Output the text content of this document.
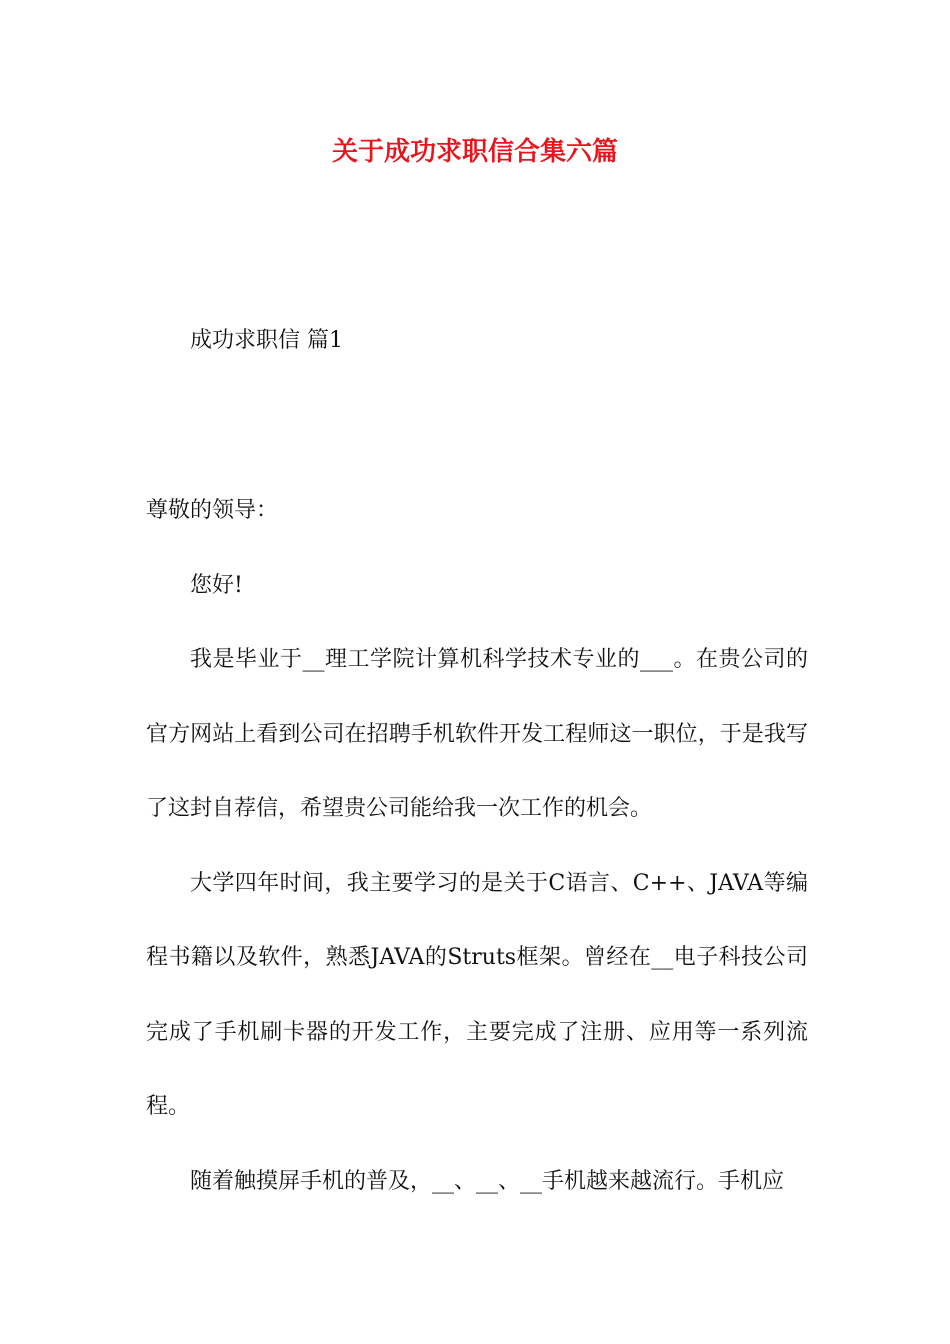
关于成功求职信合集六篇
成功求职信 篇1

尊敬的领导：

您好!

我是毕业于__理工学院计算机科学技术专业的___。在贵公司的官方网站上看到公司在招聘手机软件开发工程师这一职位，于是我写了这封自荐信，希望贵公司能给我一次工作的机会。

大学四年时间，我主要学习的是关于C语言、C++、JAVA等编程书籍以及软件，熟悉JAVA的Struts框架。曾经在__电子科技公司完成了手机刷卡器的开发工作，主要完成了注册、应用等一系列流程。

随着触摸屏手机的普及，__、__、__手机越来越流行。手机应
